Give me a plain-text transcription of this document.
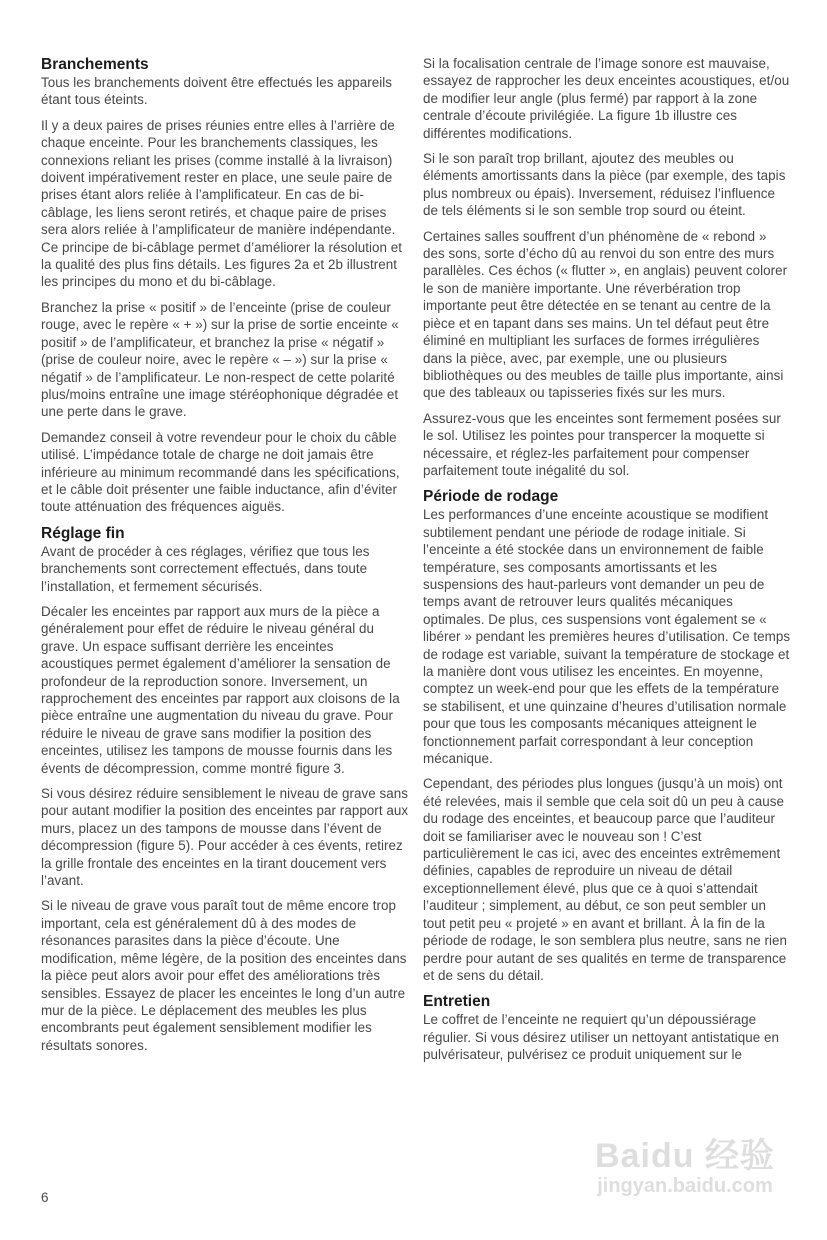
Branchements

Tous les branchements doivent être effectués les appareils étant tous éteints.

Il y a deux paires de prises réunies entre elles à l’arrière de chaque enceinte. Pour les branchements classiques, les connexions reliant les prises (comme installé à la livraison) doivent impérativement rester en place, une seule paire de prises étant alors reliée à l’amplificateur. En cas de bi-câblage, les liens seront retirés, et chaque paire de prises sera alors reliée à l’amplificateur de manière indépendante. Ce principe de bi-câblage permet d’améliorer la résolution et la qualité des plus fins détails. Les figures 2a et 2b illustrent les principes du mono et du bi-câblage.

Branchez la prise « positif » de l’enceinte (prise de couleur rouge, avec le repère « + ») sur la prise de sortie enceinte « positif » de l’amplificateur, et branchez la prise « négatif » (prise de couleur noire, avec le repère « – ») sur la prise « négatif » de l’amplificateur. Le non-respect de cette polarité plus/moins entraîne une image stéréophonique dégradée et une perte dans le grave.

Demandez conseil à votre revendeur pour le choix du câble utilisé. L’impédance totale de charge ne doit jamais être inférieure au minimum recommandé dans les spécifications, et le câble doit présenter une faible inductance, afin d’éviter toute atténuation des fréquences aiguës.

Réglage fin

Avant de procéder à ces réglages, vérifiez que tous les branchements sont correctement effectués, dans toute l’installation, et fermement sécurisés.

Décaler les enceintes par rapport aux murs de la pièce a généralement pour effet de réduire le niveau général du grave. Un espace suffisant derrière les enceintes acoustiques permet également d’améliorer la sensation de profondeur de la reproduction sonore. Inversement, un rapprochement des enceintes par rapport aux cloisons de la pièce entraîne une augmentation du niveau du grave. Pour réduire le niveau de grave sans modifier la position des enceintes, utilisez les tampons de mousse fournis dans les évents de décompression, comme montré figure 3.

Si vous désirez réduire sensiblement le niveau de grave sans pour autant modifier la position des enceintes par rapport aux murs, placez un des tampons de mousse dans l’évent de décompression (figure 5). Pour accéder à ces évents, retirez la grille frontale des enceintes en la tirant doucement vers l’avant.

Si le niveau de grave vous paraît tout de même encore trop important, cela est généralement dû à des modes de résonances parasites dans la pièce d’écoute. Une modification, même légère, de la position des enceintes dans la pièce peut alors avoir pour effet des améliorations très sensibles. Essayez de placer les enceintes le long d’un autre mur de la pièce. Le déplacement des meubles les plus encombrants peut également sensiblement modifier les résultats sonores.

Si la focalisation centrale de l’image sonore est mauvaise, essayez de rapprocher les deux enceintes acoustiques, et/ou de modifier leur angle (plus fermé) par rapport à la zone centrale d’écoute privilégiée. La figure 1b illustre ces différentes modifications.

Si le son paraît trop brillant, ajoutez des meubles ou éléments amortissants dans la pièce (par exemple, des tapis plus nombreux ou épais). Inversement, réduisez l’influence de tels éléments si le son semble trop sourd ou éteint.

Certaines salles souffrent d’un phénomène de « rebond » des sons, sorte d’écho dû au renvoi du son entre des murs parallèles. Ces échos (« flutter », en anglais) peuvent colorer le son de manière importante. Une réverbération trop importante peut être détectée en se tenant au centre de la pièce et en tapant dans ses mains. Un tel défaut peut être éliminé en multipliant les surfaces de formes irrégulières dans la pièce, avec, par exemple, une ou plusieurs bibliothèques ou des meubles de taille plus importante, ainsi que des tableaux ou tapisseries fixés sur les murs.

Assurez-vous que les enceintes sont fermement posées sur le sol. Utilisez les pointes pour transpercer la moquette si nécessaire, et réglez-les parfaitement pour compenser parfaitement toute inégalité du sol.

Période de rodage

Les performances d’une enceinte acoustique se modifient subtilement pendant une période de rodage initiale. Si l’enceinte a été stockée dans un environnement de faible température, ses composants amortissants et les suspensions des haut-parleurs vont demander un peu de temps avant de retrouver leurs qualités mécaniques optimales. De plus, ces suspensions vont également se « libérer » pendant les premières heures d’utilisation. Ce temps de rodage est variable, suivant la température de stockage et la manière dont vous utilisez les enceintes. En moyenne, comptez un week-end pour que les effets de la température se stabilisent, et une quinzaine d’heures d’utilisation normale pour que tous les composants mécaniques atteignent le fonctionnement parfait correspondant à leur conception mécanique.

Cependant, des périodes plus longues (jusqu’à un mois) ont été relevées, mais il semble que cela soit dû un peu à cause du rodage des enceintes, et beaucoup parce que l’auditeur doit se familiariser avec le nouveau son ! C’est particulièrement le cas ici, avec des enceintes extrêmement définies, capables de reproduire un niveau de détail exceptionnellement élevé, plus que ce à quoi s’attendait l’auditeur ; simplement, au début, ce son peut sembler un tout petit peu « projeté » en avant et brillant. À la fin de la période de rodage, le son semblera plus neutre, sans ne rien perdre pour autant de ses qualités en terme de transparence et de sens du détail.

Entretien

Le coffret de l’enceinte ne requiert qu’un dépoussiérage régulier. Si vous désirez utiliser un nettoyant antistatique en pulvérisateur, pulvérisez ce produit uniquement sur le

6
Baidu 经验
jingyan.baidu.com
